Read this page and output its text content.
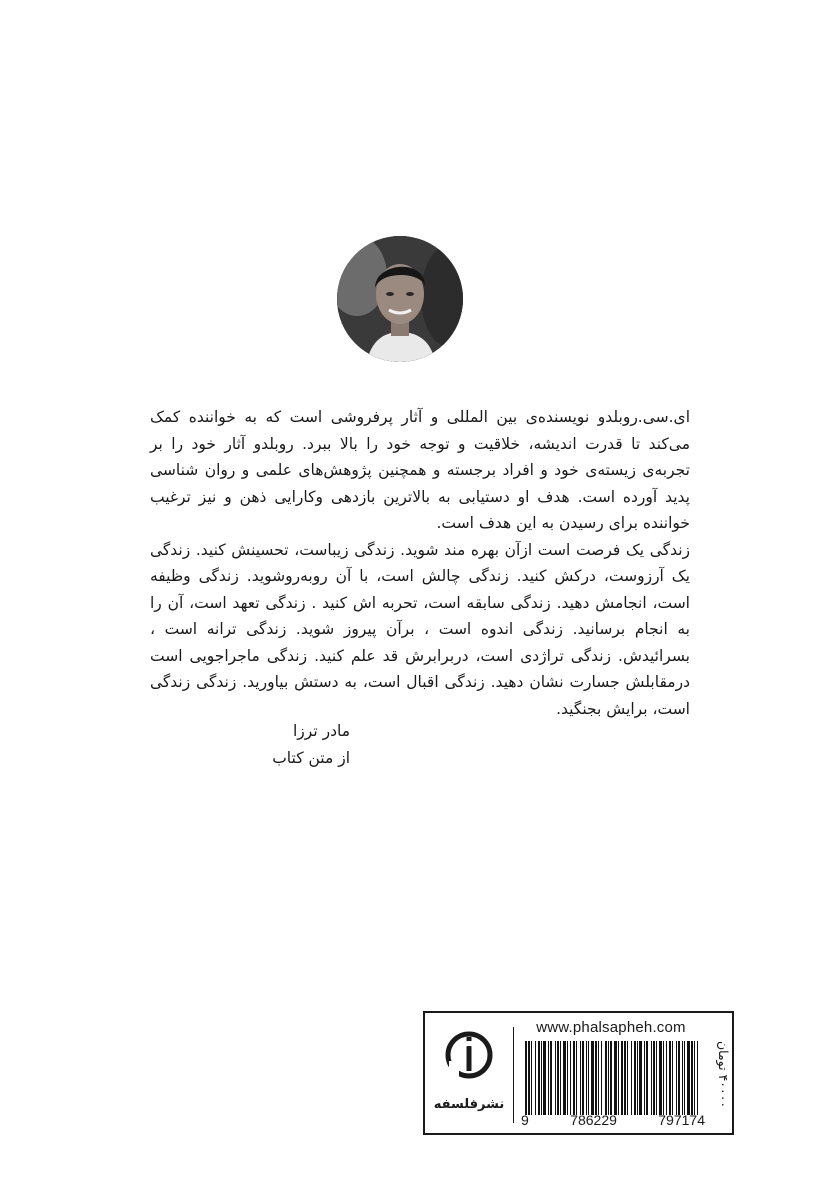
ای.سی.روبلدو نویسنده‌ی بین المللی و آثار پرفروشی است که به خواننده کمک می‌کند تا قدرت اندیشه، خلاقیت و توجه خود را بالا ببرد. روبلدو آثار خود را بر تجربه‌ی زیسته‌ی خود و افراد برجسته و همچنین پژوهش‌های علمی و روان شناسی پدید آورده است. هدف او دستیابی به بالاترین بازدهی وکارایی ذهن و نیز ترغیب خواننده برای رسیدن به این هدف است.

زندگی یک فرصت است ازآن بهره مند شوید. زندگی زیباست، تحسینش کنید. زندگی یک آرزوست، درکش کنید. زندگی چالش است، با آن روبه‌روشوید. زندگی وظیفه است، انجامش دهید. زندگی سابقه است، تحربه اش کنید . زندگی تعهد است، آن را به انجام برسانید. زندگی اندوه است ، برآن پیروز شوید. زندگی ترانه است ، بسرائیدش. زندگی تراژدی است، دربرابرش قد علم کنید. زندگی ماجراجویی است درمقابلش جسارت نشان دهید. زندگی اقبال است، به دستش بیاورید. زندگی زندگی است، برایش بجنگید.

مادر ترزا
از متن کتاب
نشرفلسفه
www.phalsapheh.com
9	786229	797174
۴۰۰۰۰ تومان
